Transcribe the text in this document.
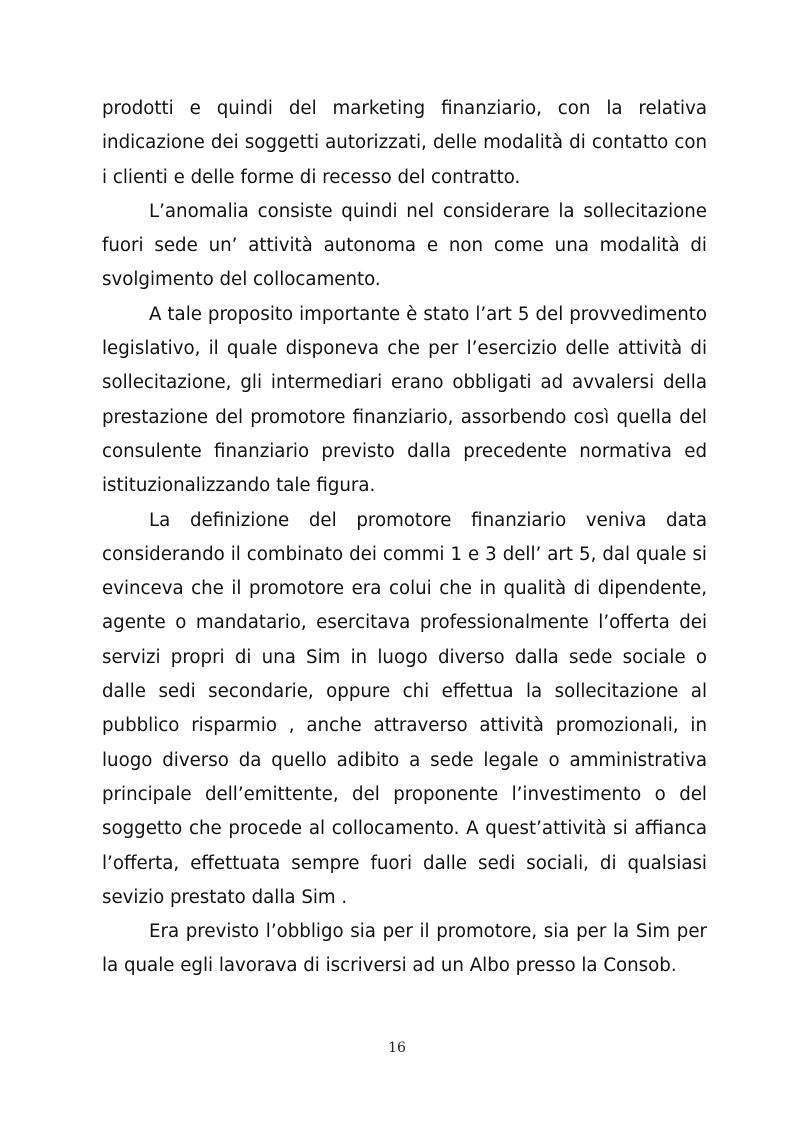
prodotti e quindi del marketing finanziario, con la relativa indicazione dei soggetti autorizzati, delle modalità di contatto con i clienti e delle forme di recesso del contratto.

L’anomalia consiste quindi nel considerare la sollecitazione fuori sede un’ attività autonoma e non come una modalità di svolgimento del collocamento.

A tale proposito importante è stato l’art 5 del provvedimento legislativo, il quale disponeva che per l’esercizio delle attività di sollecitazione, gli intermediari erano obbligati ad avvalersi della prestazione del promotore finanziario, assorbendo così quella del consulente finanziario previsto dalla precedente normativa ed istituzionalizzando tale figura.

La definizione del promotore finanziario veniva data considerando il combinato dei commi 1 e 3 dell’ art 5, dal quale si evinceva che il promotore era colui che in qualità di dipendente, agente o mandatario, esercitava professionalmente l’offerta dei servizi propri di una Sim in luogo diverso dalla sede sociale o dalle sedi secondarie, oppure chi effettua la sollecitazione al pubblico risparmio , anche attraverso attività promozionali, in luogo diverso da quello adibito a sede legale o amministrativa principale dell’emittente, del proponente l’investimento o del soggetto che procede al collocamento. A quest’attività si affianca l’offerta, effettuata sempre fuori dalle sedi sociali, di qualsiasi sevizio prestato dalla Sim .

Era previsto l’obbligo sia per il promotore, sia per la Sim per la quale egli lavorava di iscriversi ad un Albo presso la Consob.

16
